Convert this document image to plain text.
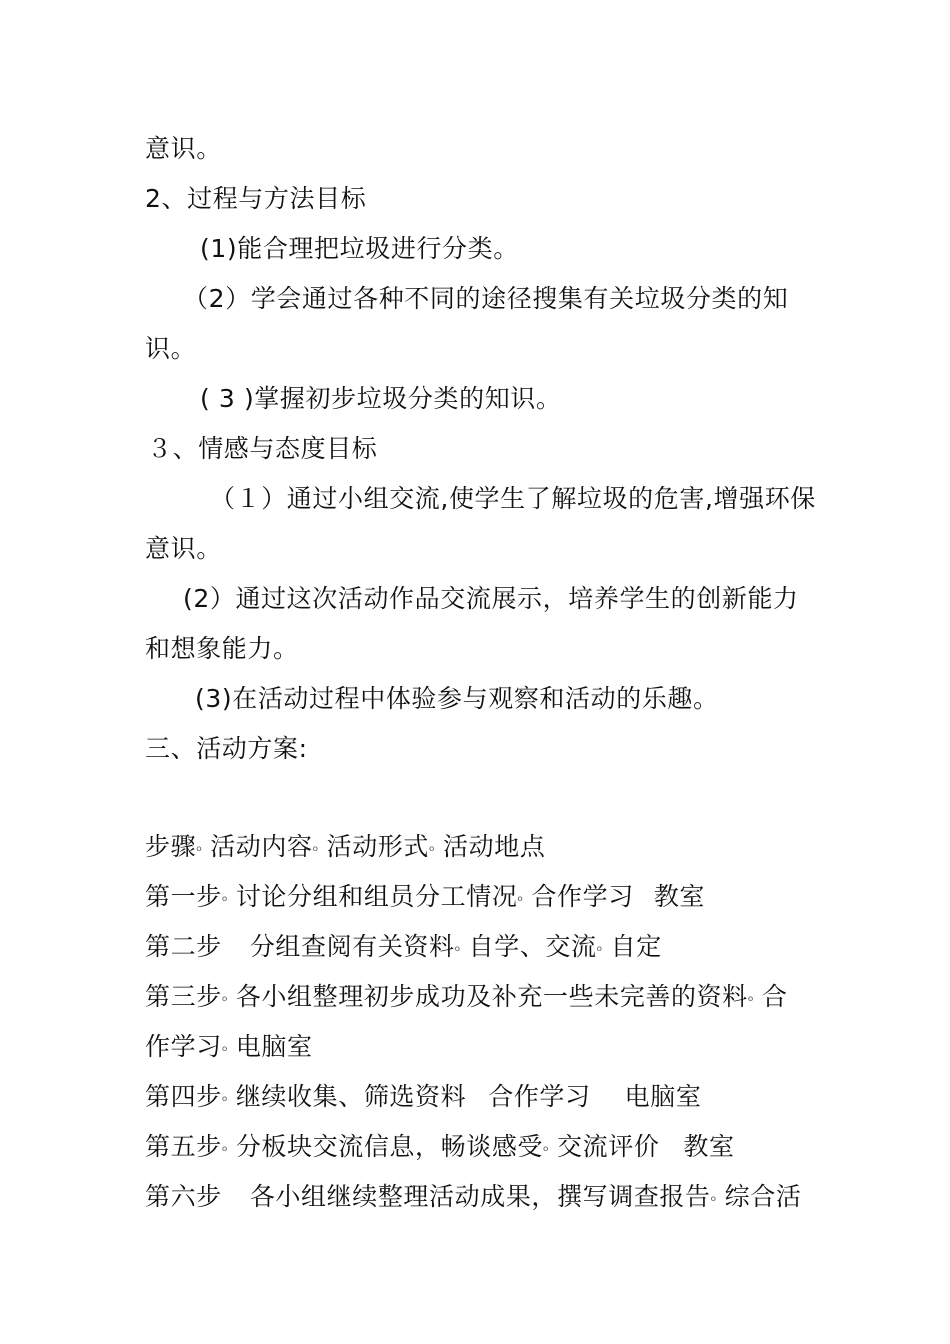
意识。
2、过程与方法目标
(1)能合理把垃圾进行分类。
（2）学会通过各种不同的途径搜集有关垃圾分类的知
识。
( 3 )掌握初步垃圾分类的知识。
３、情感与态度目标
（１）通过小组交流,使学生了解垃圾的危害,增强环保
意识。
(2）通过这次活动作品交流展示，培养学生的创新能力
和想象能力。
(3)在活动过程中体验参与观察和活动的乐趣。
三、活动方案:
步骤ₒ 活动内容ₒ 活动形式ₒ 活动地点
第一步ₒ 讨论分组和组员分工情况ₒ 合作学习 教室
第二步 分组查阅有关资料ₒ 自学、交流ₒ 自定
第三步ₒ 各小组整理初步成功及补充一些未完善的资料ₒ 合
作学习ₒ 电脑室
第四步ₒ 继续收集、筛选资料 合作学习 电脑室
第五步ₒ 分板块交流信息，畅谈感受ₒ 交流评价 教室
第六步 各小组继续整理活动成果，撰写调查报告ₒ 综合活
